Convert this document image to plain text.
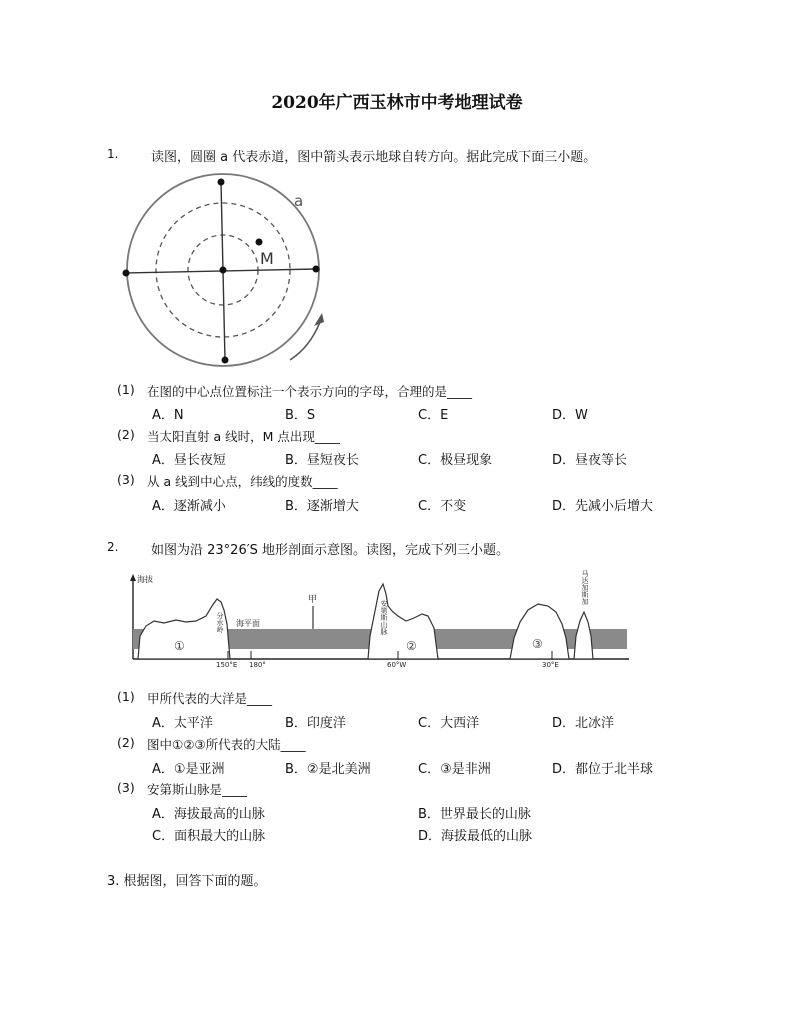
2020年广西玉林市中考地理试卷
1.	读图，圆圈 a 代表赤道，图中箭头表示地球自转方向。据此完成下面三小题。
M
a
(1) 在图的中心点位置标注一个表示方向的字母，合理的是____
A．N	B．S	C．E	D．W
(2) 当太阳直射 a 线时，M 点出现____
A．昼长夜短	B．昼短夜长	C．极昼现象	D．昼夜等长
(3) 从 a 线到中心点，纬线的度数____
A．逐渐减小	B．逐渐增大	C．不变	D．先减小后增大
2.	如图为沿 23°26′S 地形剖面示意图。读图，完成下列三小题。
海拔
海平面
甲
分水岭	安第斯山脉
马达加斯加
①	②	③
150°E 180°	60°W	30°E
(1) 甲所代表的大洋是____
A．太平洋	B．印度洋	C．大西洋	D．北冰洋
(2) 图中①②③所代表的大陆____
A．①是亚洲	B．②是北美洲	C．③是非洲	D．都位于北半球
(3) 安第斯山脉是____
A．海拔最高的山脉	B．世界最长的山脉
C．面积最大的山脉	D．海拔最低的山脉
3. 根据图，回答下面的题。
